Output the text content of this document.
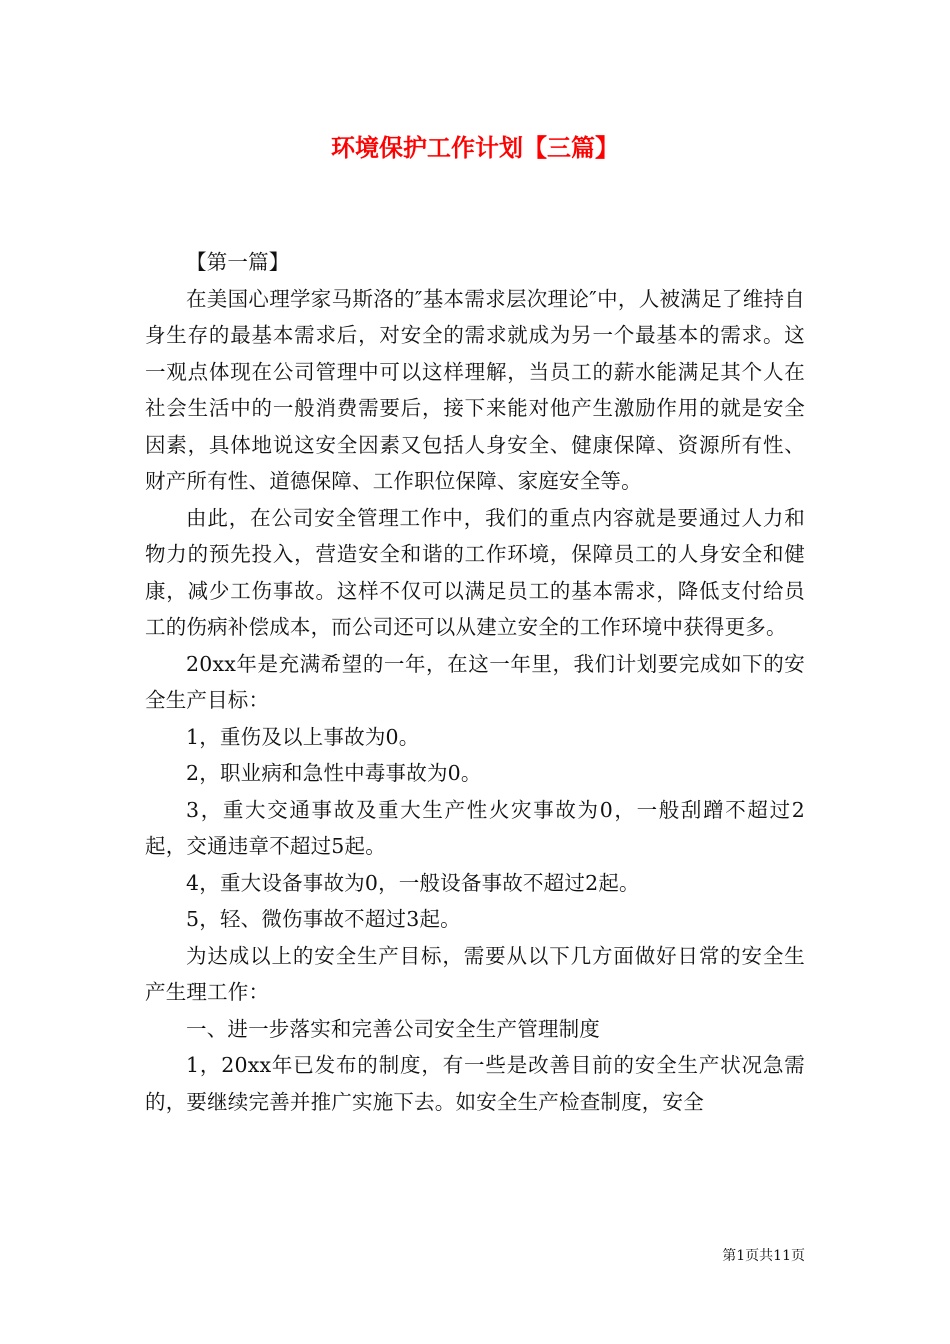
环境保护工作计划【三篇】

【第一篇】

在美国心理学家马斯洛的″基本需求层次理论″中，人被满足了维持自身生存的最基本需求后，对安全的需求就成为另一个最基本的需求。这一观点体现在公司管理中可以这样理解，当员工的薪水能满足其个人在社会生活中的一般消费需要后，接下来能对他产生激励作用的就是安全因素，具体地说这安全因素又包括人身安全、健康保障、资源所有性、财产所有性、道德保障、工作职位保障、家庭安全等。

由此，在公司安全管理工作中，我们的重点内容就是要通过人力和物力的预先投入，营造安全和谐的工作环境，保障员工的人身安全和健康，减少工伤事故。这样不仅可以满足员工的基本需求，降低支付给员工的伤病补偿成本，而公司还可以从建立安全的工作环境中获得更多。

20xx年是充满希望的一年，在这一年里，我们计划要完成如下的安全生产目标：

1，重伤及以上事故为0。

2，职业病和急性中毒事故为0。

3，重大交通事故及重大生产性火灾事故为0，一般刮蹭不超过2起，交通违章不超过5起。

4，重大设备事故为0，一般设备事故不超过2起。

5，轻、微伤事故不超过3起。

为达成以上的安全生产目标，需要从以下几方面做好日常的安全生产生理工作：

一、进一步落实和完善公司安全生产管理制度

1，20xx年已发布的制度，有一些是改善目前的安全生产状况急需的，要继续完善并推广实施下去。如安全生产检查制度，安全

第1页共11页
